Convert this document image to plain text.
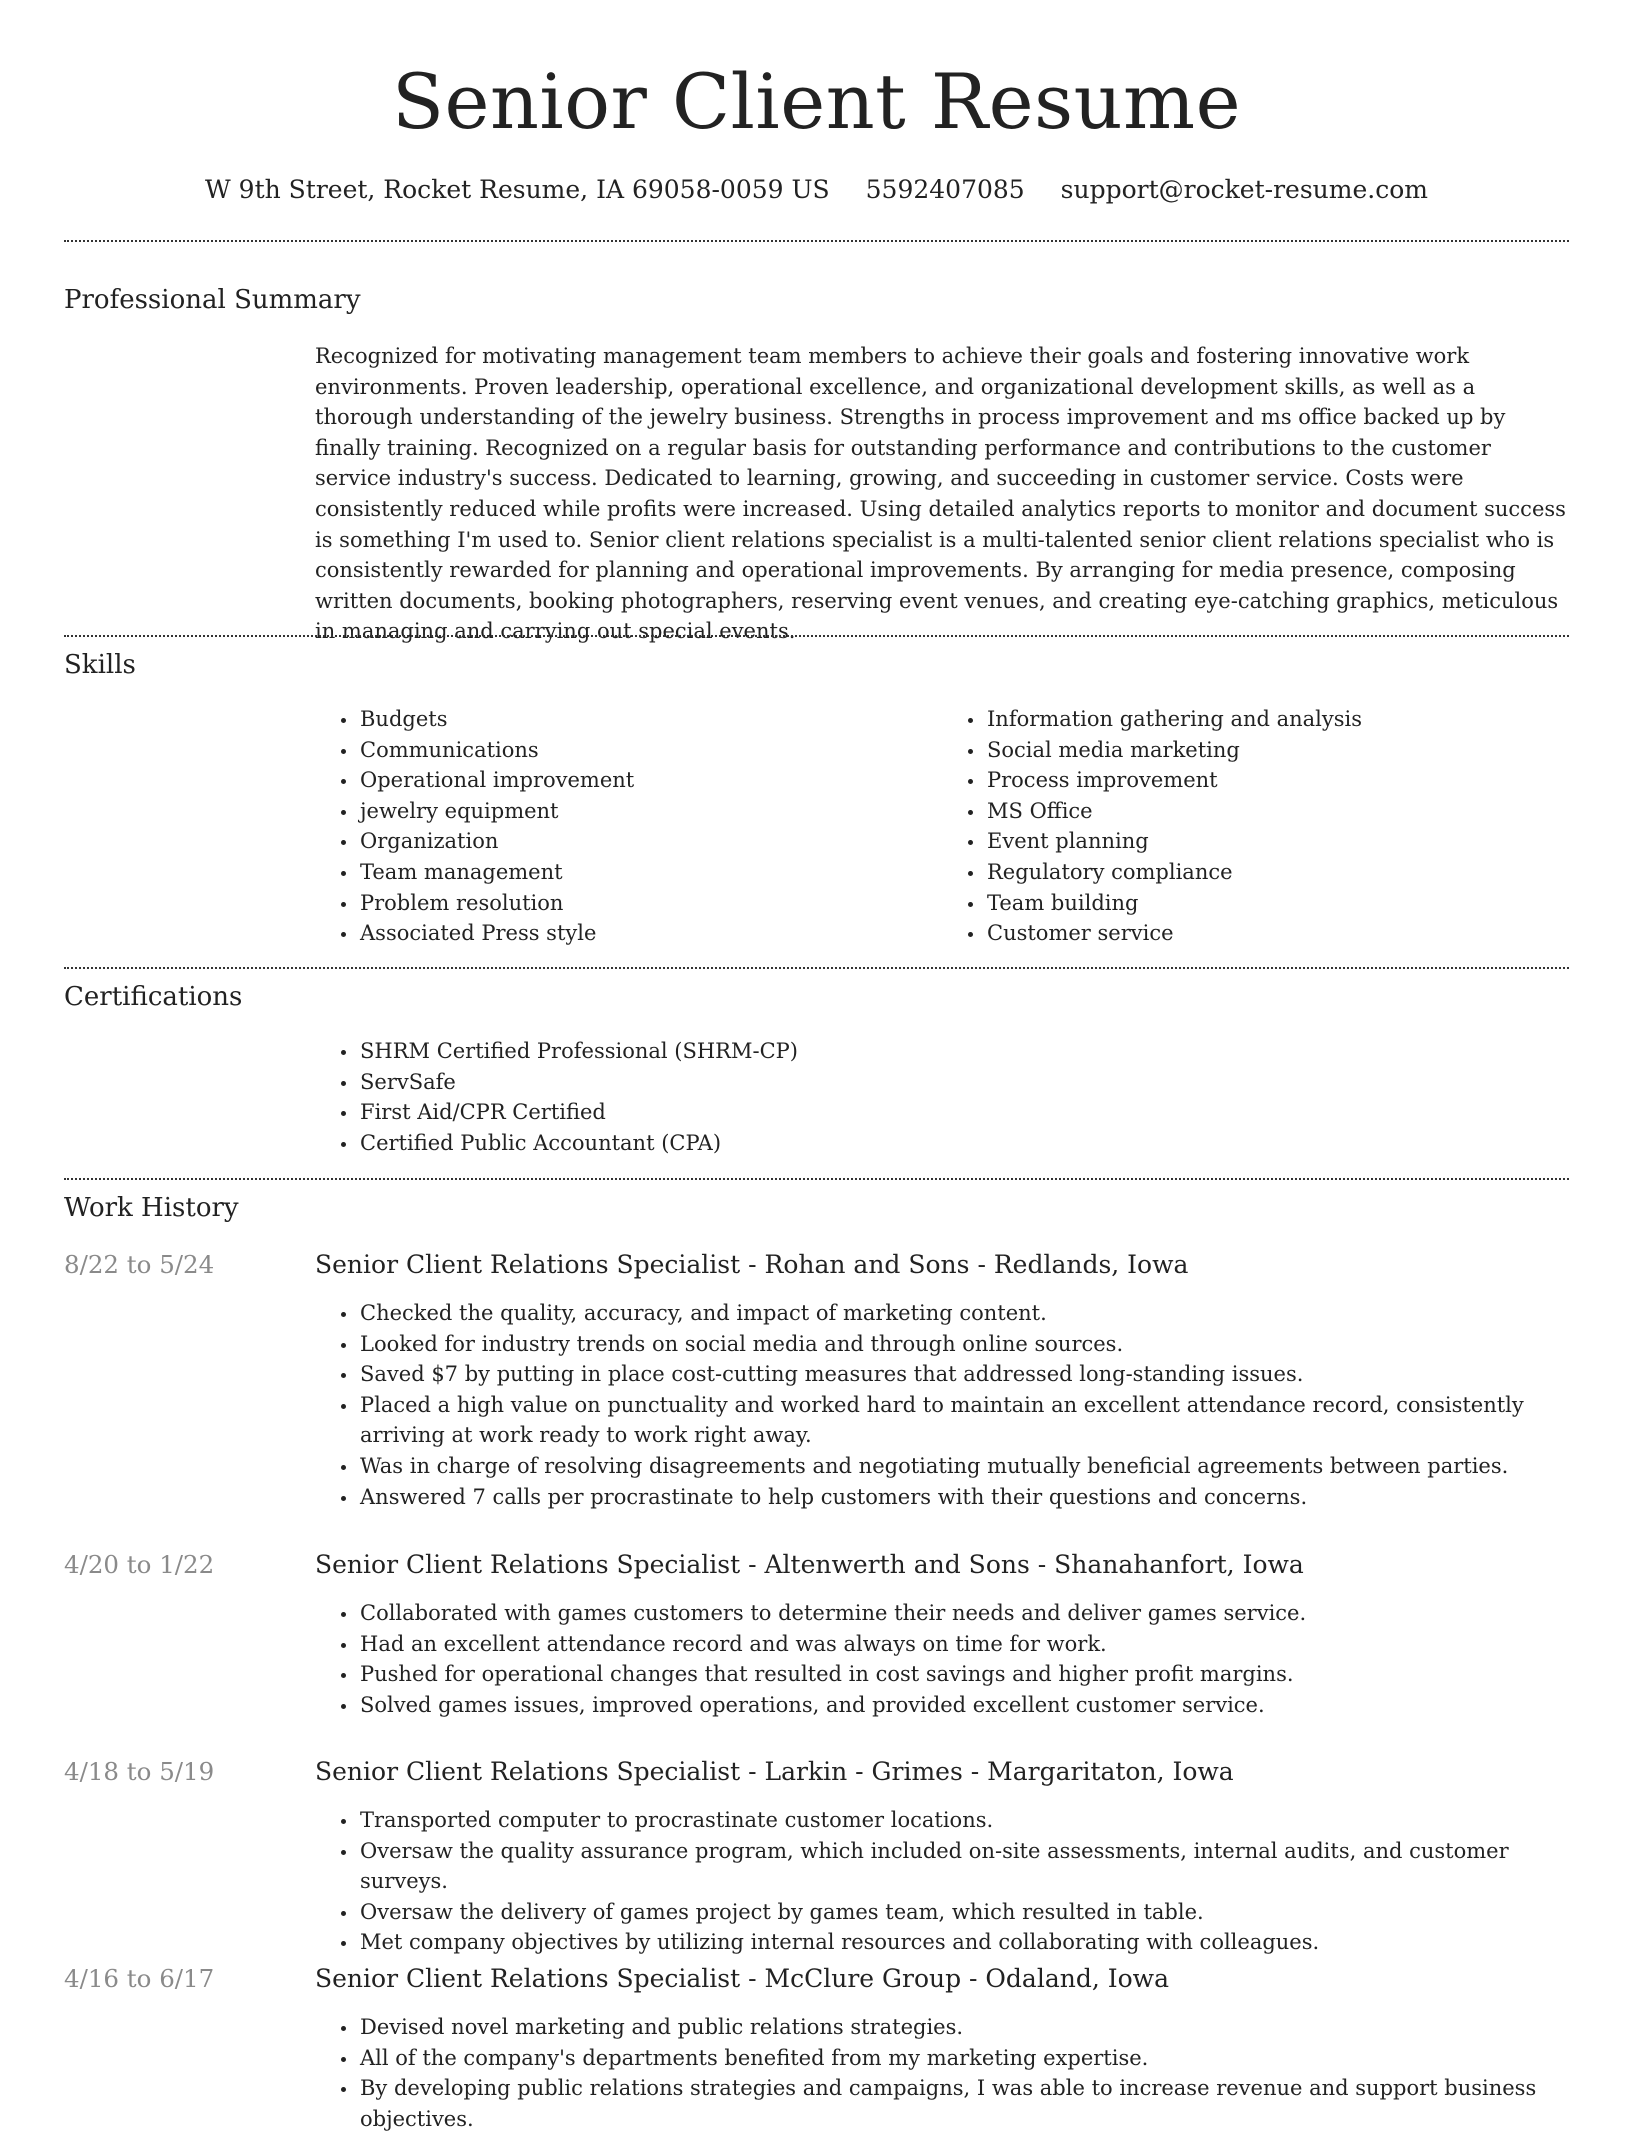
Senior Client Resume
W 9th Street, Rocket Resume, IA 69058-0059 US 5592407085 support@rocket-resume.com
Professional Summary

Recognized for motivating management team members to achieve their goals and fostering innovative work environments. Proven leadership, operational excellence, and organizational development skills, as well as a thorough understanding of the jewelry business. Strengths in process improvement and ms office backed up by finally training. Recognized on a regular basis for outstanding performance and contributions to the customer service industry's success. Dedicated to learning, growing, and succeeding in customer service. Costs were consistently reduced while profits were increased. Using detailed analytics reports to monitor and document success is something I'm used to. Senior client relations specialist is a multi-talented senior client relations specialist who is consistently rewarded for planning and operational improvements. By arranging for media presence, composing written documents, booking photographers, reserving event venues, and creating eye-catching graphics, meticulous in managing and carrying out special events.

Skills
• Budgets
• Communications
• Operational improvement
• jewelry equipment
• Organization
• Team management
• Problem resolution
• Associated Press style
• Information gathering and analysis
• Social media marketing
• Process improvement
• MS Office
• Event planning
• Regulatory compliance
• Team building
• Customer service
Certifications
• SHRM Certified Professional (SHRM-CP)
• ServSafe
• First Aid/CPR Certified
• Certified Public Accountant (CPA)
Work History
8/22 to 5/24	Senior Client Relations Specialist - Rohan and Sons - Redlands, Iowa
• Checked the quality, accuracy, and impact of marketing content.
• Looked for industry trends on social media and through online sources.
• Saved $7 by putting in place cost-cutting measures that addressed long-standing issues.
• Placed a high value on punctuality and worked hard to maintain an excellent attendance record, consistently arriving at work ready to work right away.
• Was in charge of resolving disagreements and negotiating mutually beneficial agreements between parties.
• Answered 7 calls per procrastinate to help customers with their questions and concerns.
4/20 to 1/22	Senior Client Relations Specialist - Altenwerth and Sons - Shanahanfort, Iowa
• Collaborated with games customers to determine their needs and deliver games service.
• Had an excellent attendance record and was always on time for work.
• Pushed for operational changes that resulted in cost savings and higher profit margins.
• Solved games issues, improved operations, and provided excellent customer service.
4/18 to 5/19	Senior Client Relations Specialist - Larkin - Grimes - Margaritaton, Iowa
• Transported computer to procrastinate customer locations.
• Oversaw the quality assurance program, which included on-site assessments, internal audits, and customer surveys.
• Oversaw the delivery of games project by games team, which resulted in table.
• Met company objectives by utilizing internal resources and collaborating with colleagues.
4/16 to 6/17	Senior Client Relations Specialist - McClure Group - Odaland, Iowa
• Devised novel marketing and public relations strategies.
• All of the company's departments benefited from my marketing expertise.
• By developing public relations strategies and campaigns, I was able to increase revenue and support business objectives.
